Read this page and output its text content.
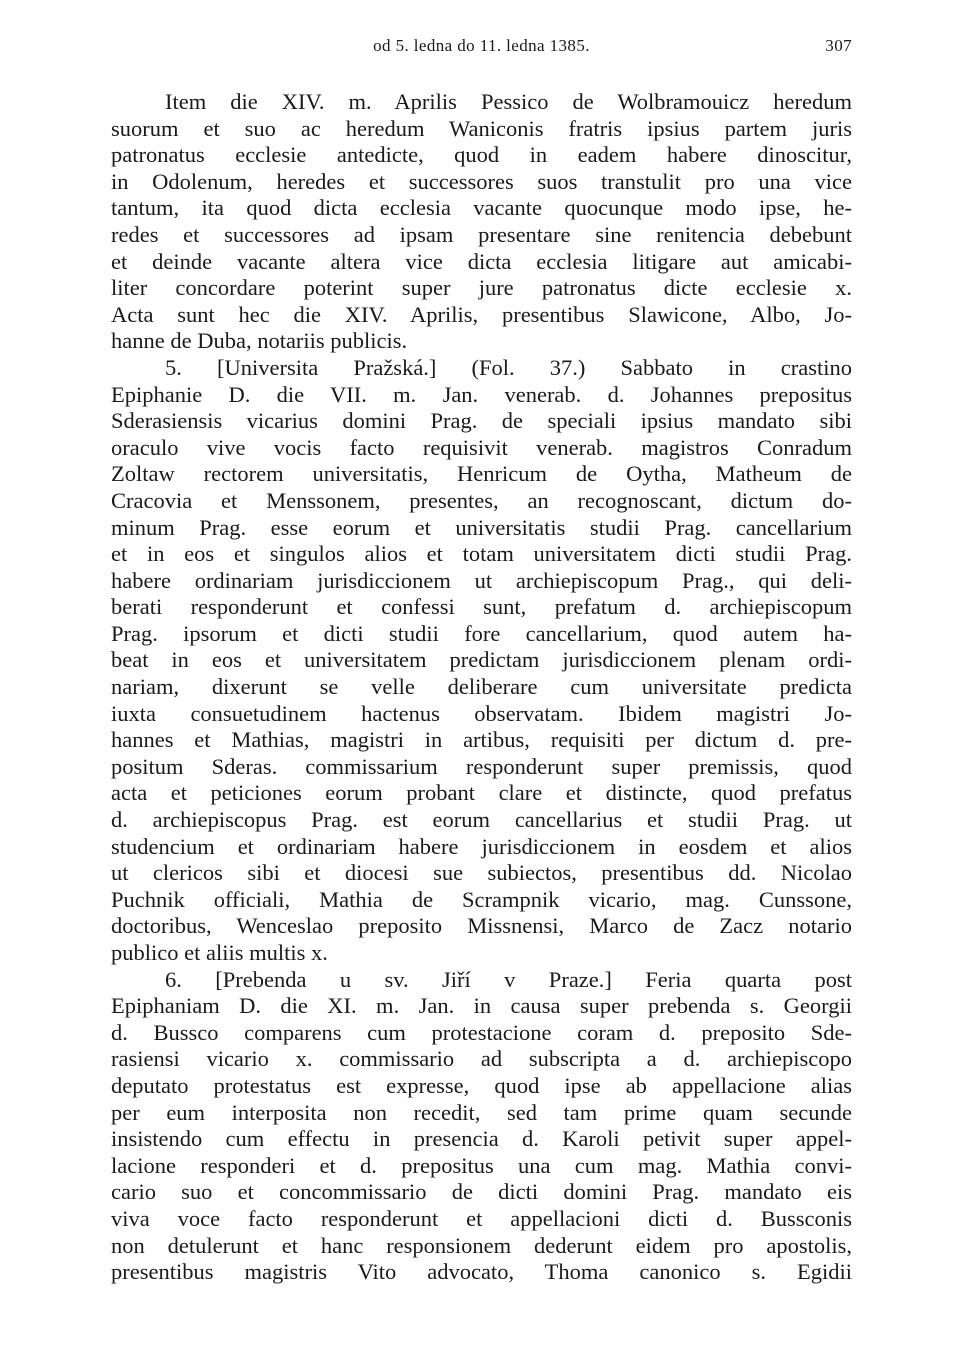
od 5. ledna do 11. ledna 1385.	307
Item die XIV. m. Aprilis Pessico de Wolbramouicz heredum
suorum et suo ac heredum Waniconis fratris ipsius partem juris
patronatus ecclesie antedicte, quod in eadem habere dinoscitur,
in Odolenum, heredes et successores suos transtulit pro una vice
tantum, ita quod dicta ecclesia vacante quocunque modo ipse, he-
redes et successores ad ipsam presentare sine renitencia debebunt
et deinde vacante altera vice dicta ecclesia litigare aut amicabi-
liter concordare poterint super jure patronatus dicte ecclesie x.
Acta sunt hec die XIV. Aprilis, presentibus Slawicone, Albo, Jo-
hanne de Duba, notariis publicis.
5. [Universita Pražská.] (Fol. 37.) Sabbato in crastino
Epiphanie D. die VII. m. Jan. venerab. d. Johannes prepositus
Sderasiensis vicarius domini Prag. de speciali ipsius mandato sibi
oraculo vive vocis facto requisivit venerab. magistros Conradum
Zoltaw rectorem universitatis, Henricum de Oytha, Matheum de
Cracovia et Menssonem, presentes, an recognoscant, dictum do-
minum Prag. esse eorum et universitatis studii Prag. cancellarium
et in eos et singulos alios et totam universitatem dicti studii Prag.
habere ordinariam jurisdiccionem ut archiepiscopum Prag., qui deli-
berati responderunt et confessi sunt, prefatum d. archiepiscopum
Prag. ipsorum et dicti studii fore cancellarium, quod autem ha-
beat in eos et universitatem predictam jurisdiccionem plenam ordi-
nariam, dixerunt se velle deliberare cum universitate predicta
iuxta consuetudinem hactenus observatam. Ibidem magistri Jo-
hannes et Mathias, magistri in artibus, requisiti per dictum d. pre-
positum Sderas. commissarium responderunt super premissis, quod
acta et peticiones eorum probant clare et distincte, quod prefatus
d. archiepiscopus Prag. est eorum cancellarius et studii Prag. ut
studencium et ordinariam habere jurisdiccionem in eosdem et alios
ut clericos sibi et diocesi sue subiectos, presentibus dd. Nicolao
Puchnik officiali, Mathia de Scrampnik vicario, mag. Cunssone,
doctoribus, Wenceslao preposito Missnensi, Marco de Zacz notario
publico et aliis multis x.
6. [Prebenda u sv. Jiří v Praze.] Feria quarta post
Epiphaniam D. die XI. m. Jan. in causa super prebenda s. Georgii
d. Bussco comparens cum protestacione coram d. preposito Sde-
rasiensi vicario x. commissario ad subscripta a d. archiepiscopo
deputato protestatus est expresse, quod ipse ab appellacione alias
per eum interposita non recedit, sed tam prime quam secunde
insistendo cum effectu in presencia d. Karoli petivit super appel-
lacione responderi et d. prepositus una cum mag. Mathia convi-
cario suo et concommissario de dicti domini Prag. mandato eis
viva voce facto responderunt et appellacioni dicti d. Bussconis
non detulerunt et hanc responsionem dederunt eidem pro apostolis,
presentibus magistris Vito advocato, Thoma canonico s. Egidii
